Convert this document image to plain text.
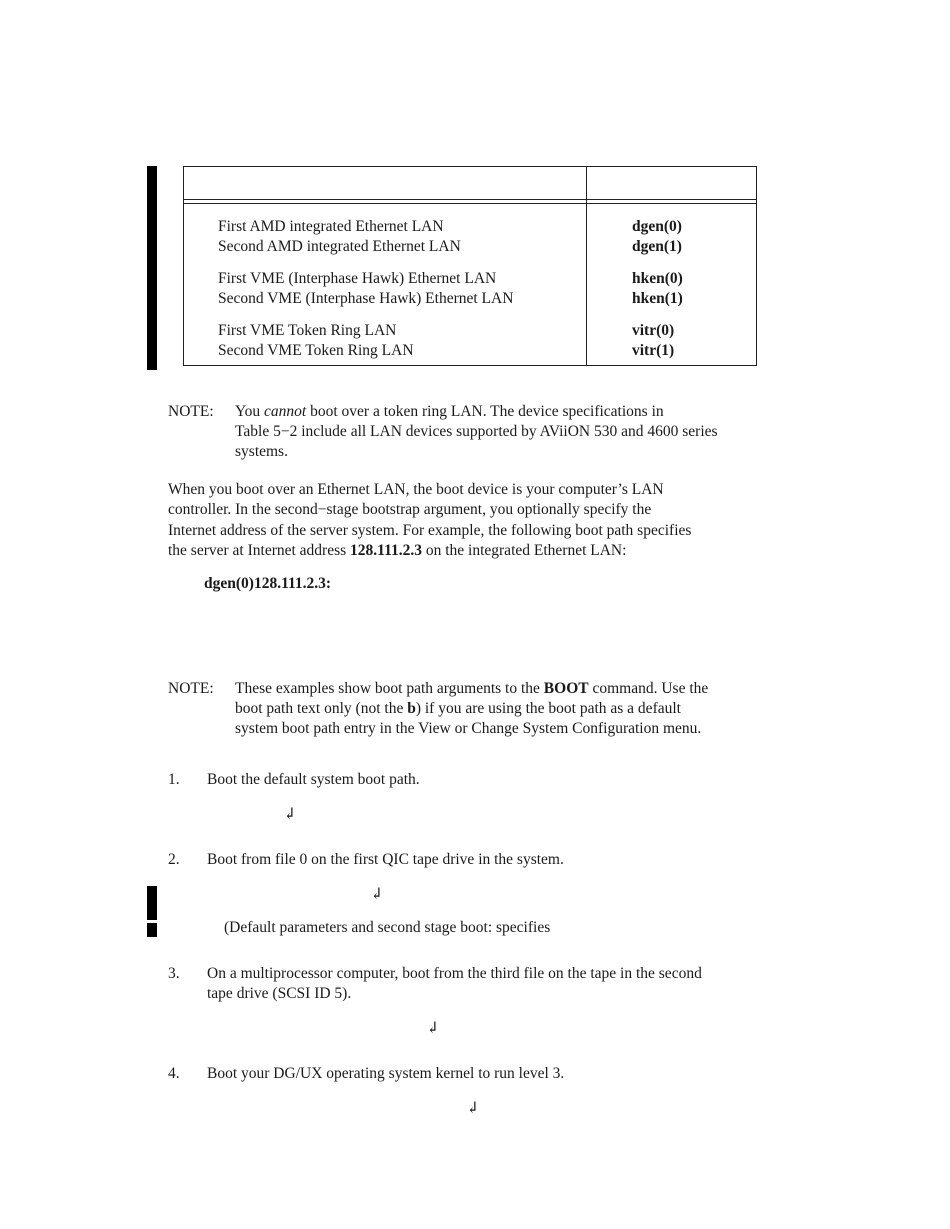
First AMD integrated Ethernet LAN	dgen(0)
Second AMD integrated Ethernet LAN	dgen(1)
First VME (Interphase Hawk) Ethernet LAN	hken(0)
Second VME (Interphase Hawk) Ethernet LAN	hken(1)
First VME Token Ring LAN	vitr(0)
Second VME Token Ring LAN	vitr(1)
NOTE: You cannot boot over a token ring LAN. The device specifications in
Table 5−2 include all LAN devices supported by AViiON 530 and 4600 series
systems.
When you boot over an Ethernet LAN, the boot device is your computer’s LAN
controller. In the second−stage bootstrap argument, you optionally specify the
Internet address of the server system. For example, the following boot path specifies
the server at Internet address 128.111.2.3 on the integrated Ethernet LAN:
dgen(0)128.111.2.3:
NOTE: These examples show boot path arguments to the BOOT command. Use the
boot path text only (not the b) if you are using the boot path as a default
system boot path entry in the View or Change System Configuration menu.
1. Boot the default system boot path.
↲
2. Boot from file 0 on the first QIC tape drive in the system.
↲
(Default parameters and second stage boot: specifies
3. On a multiprocessor computer, boot from the third file on the tape in the second
tape drive (SCSI ID 5).
↲
4. Boot your DG/UX operating system kernel to run level 3.
↲
